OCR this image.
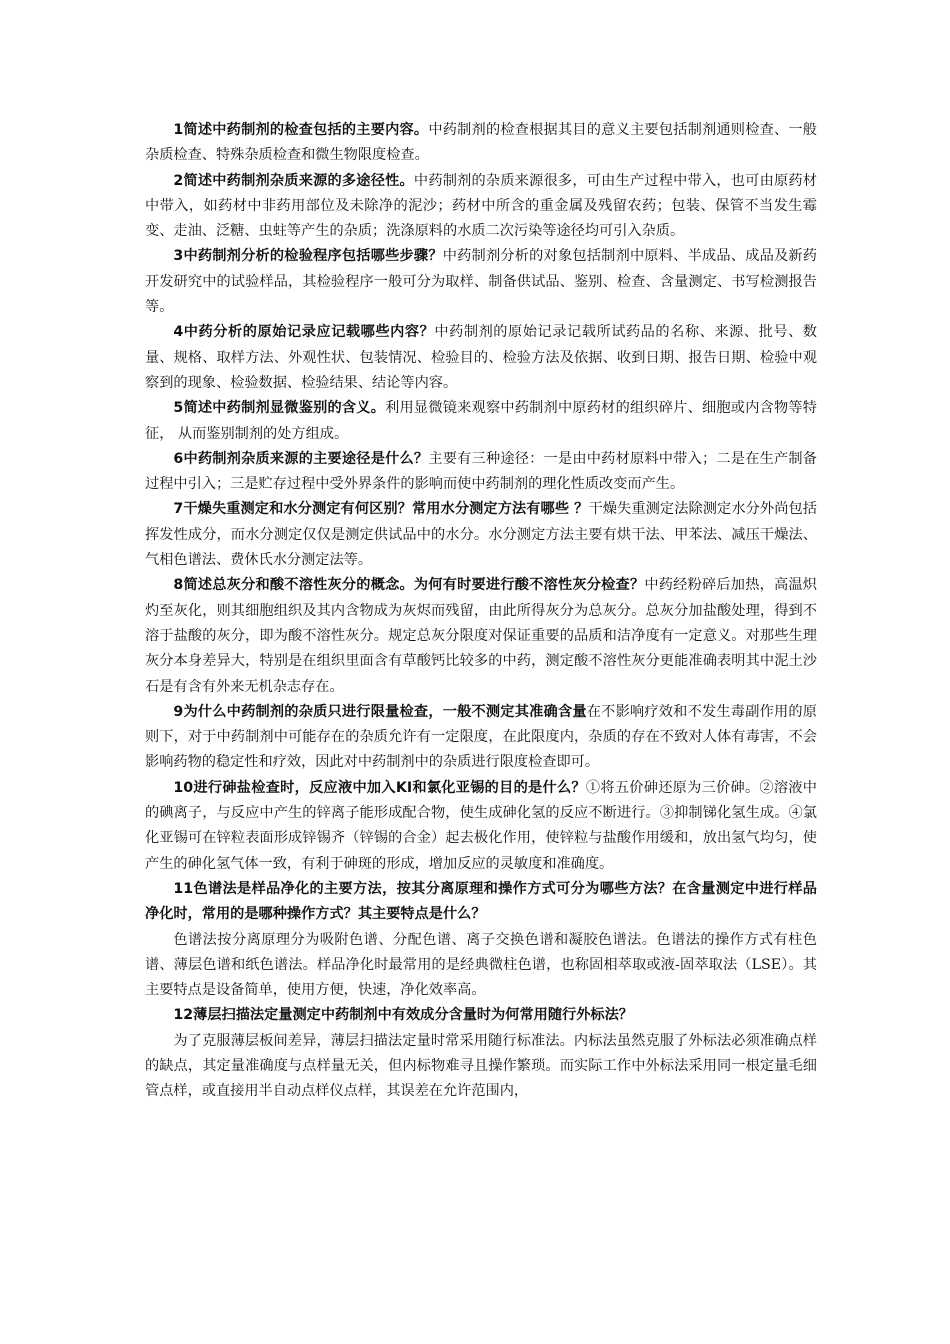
1简述中药制剂的检查包括的主要内容。中药制剂的检查根据其目的意义主要包括制剂通则检查、一般杂质检查、特殊杂质检查和微生物限度检查。

2简述中药制剂杂质来源的多途径性。中药制剂的杂质来源很多，可由生产过程中带入，也可由原药材中带入，如药材中非药用部位及未除净的泥沙；药材中所含的重金属及残留农药；包装、保管不当发生霉变、走油、泛糖、虫蛀等产生的杂质；洗涤原料的水质二次污染等途径均可引入杂质。

3中药制剂分析的检验程序包括哪些步骤？中药制剂分析的对象包括制剂中原料、半成品、成品及新药开发研究中的试验样品，其检验程序一般可分为取样、制备供试品、鉴别、检查、含量测定、书写检测报告等。

4中药分析的原始记录应记载哪些内容？中药制剂的原始记录记载所试药品的名称、来源、批号、数量、规格、取样方法、外观性状、包装情况、检验目的、检验方法及依据、收到日期、报告日期、检验中观察到的现象、检验数据、检验结果、结论等内容。

5简述中药制剂显微鉴别的含义。利用显微镜来观察中药制剂中原药材的组织碎片、细胞或内含物等特征， 从而鉴别制剂的处方组成。

6中药制剂杂质来源的主要途径是什么？主要有三种途径：一是由中药材原料中带入；二是在生产制备过程中引入；三是贮存过程中受外界条件的影响而使中药制剂的理化性质改变而产生。

7干燥失重测定和水分测定有何区别？常用水分测定方法有哪些 ？干燥失重测定法除测定水分外尚包括挥发性成分，而水分测定仅仅是测定供试品中的水分。水分测定方法主要有烘干法、甲苯法、减压干燥法、气相色谱法、费休氏水分测定法等。

8简述总灰分和酸不溶性灰分的概念。为何有时要进行酸不溶性灰分检查？中药经粉碎后加热，高温炽灼至灰化，则其细胞组织及其内含物成为灰烬而残留，由此所得灰分为总灰分。总灰分加盐酸处理，得到不溶于盐酸的灰分，即为酸不溶性灰分。规定总灰分限度对保证重要的品质和洁净度有一定意义。对那些生理灰分本身差异大，特别是在组织里面含有草酸钙比较多的中药，测定酸不溶性灰分更能准确表明其中泥土沙石是有含有外来无机杂志存在。

9为什么中药制剂的杂质只进行限量检查，一般不测定其准确含量在不影响疗效和不发生毒副作用的原则下，对于中药制剂中可能存在的杂质允许有一定限度，在此限度内，杂质的存在不致对人体有毒害，不会影响药物的稳定性和疗效，因此对中药制剂中的杂质进行限度检查即可。

10进行砷盐检查时，反应液中加入KI和氯化亚锡的目的是什么？①将五价砷还原为三价砷。②溶液中的碘离子，与反应中产生的锌离子能形成配合物，使生成砷化氢的反应不断进行。③抑制锑化氢生成。④氯化亚锡可在锌粒表面形成锌锡齐（锌锡的合金）起去极化作用，使锌粒与盐酸作用缓和，放出氢气均匀，使产生的砷化氢气体一致，有利于砷斑的形成，增加反应的灵敏度和准确度。

11色谱法是样品净化的主要方法，按其分离原理和操作方式可分为哪些方法？在含量测定中进行样品净化时，常用的是哪种操作方式？其主要特点是什么？

色谱法按分离原理分为吸附色谱、分配色谱、离子交换色谱和凝胶色谱法。色谱法的操作方式有柱色谱、薄层色谱和纸色谱法。样品净化时最常用的是经典微柱色谱，也称固相萃取或液-固萃取法（LSE）。其主要特点是设备简单，使用方便，快速，净化效率高。

12薄层扫描法定量测定中药制剂中有效成分含量时为何常用随行外标法？

为了克服薄层板间差异，薄层扫描法定量时常采用随行标准法。内标法虽然克服了外标法必须准确点样的缺点，其定量准确度与点样量无关，但内标物难寻且操作繁琐。而实际工作中外标法采用同一根定量毛细管点样，或直接用半自动点样仪点样，其误差在允许范围内，
